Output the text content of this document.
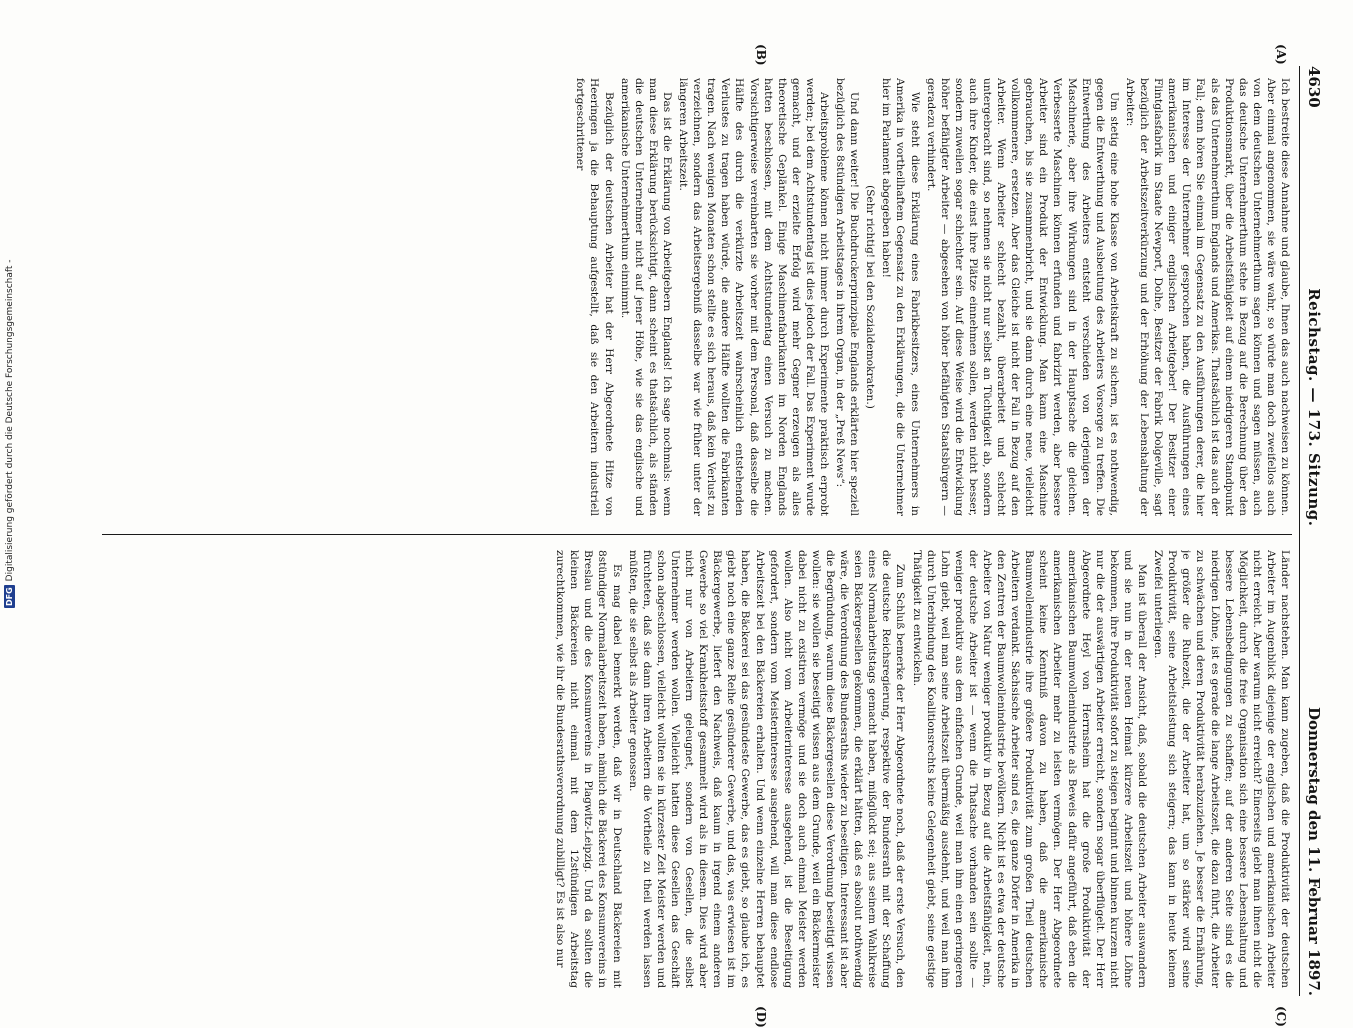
4630
Reichstag. — 173. Sitzung.
Donnerstag den 11. Februar 1897.
(A)
(B)
(C)
(D)

Ich bestreite diese Annahme und glaube, Ihnen das auch nachweisen zu können. Aber einmal angenommen, sie wäre wahr, so würde man doch zweifellos auch von dem deutschen Unternehmerthum sagen können und sagen müssen, auch das deutsche Unternehmerthum stehe in Bezug auf die Berechnung über den Produktionsmarkt, über die Arbeitsfähigkeit auf einem niedrigeren Standpunkt als das Unternehmerthum Englands und Amerikas. Thatsächlich ist das auch der Fall; denn hören Sie einmal im Gegensatz zu den Ausführungen derer, die hier im Interesse der Unternehmer gesprochen haben, die Ausführungen eines amerikanischen und einiger englischen Arbeitgeber! Der Besitzer einer Flintglasfabrik im Staate Newport, Dolhe, Besitzer der Fabrik Dolgeville, sagt bezüglich der Arbeitszeitverkürzung und der Erhöhung der Lebenshaltung der Arbeiter:

Um stetig eine hohe Klasse von Arbeitskraft zu sichern, ist es nothwendig, gegen die Entwerthung und Ausbeutung des Arbeiters Vorsorge zu treffen. Die Entwerthung des Arbeiters entsteht verschieden von derjenigen der Maschinerie, aber ihre Wirkungen sind in der Hauptsache die gleichen. Verbesserte Maschinen können erfunden und fabrizirt werden, aber bessere Arbeiter sind ein Produkt der Entwicklung. Man kann eine Maschine gebrauchen, bis sie zusammenbricht, und sie dann durch eine neue, vielleicht vollkommenere, ersetzen. Aber das Gleiche ist nicht der Fall in Bezug auf den Arbeiter. Wenn Arbeiter schlecht bezahlt, überarbeitet und schlecht untergebracht sind, so nehmen sie nicht nur selbst an Tüchtigkeit ab, sondern auch ihre Kinder, die einst ihre Plätze einnehmen sollen, werden nicht besser, sondern zuweilen sogar schlechter sein. Auf diese Weise wird die Entwicklung höher befähigter Arbeiter — abgesehen von höher befähigten Staatsbürgern — geradezu verhindert.

Wie steht diese Erklärung eines Fabrikbesitzers, eines Unternehmers in Amerika in vortheilhaftem Gegensatz zu den Erklärungen, die die Unternehmer hier im Parlament abgegeben haben!

(Sehr richtig! bei den Sozialdemokraten.)

Und dann weiter! Die Buchdruckerprinzipale Englands erklärten hier speziell bezüglich des 8stündigen Arbeitstages in ihrem Organ, in der „Preß News“:

Arbeitsprobleme können nicht immer durch Experimente praktisch erprobt werden; bei dem Achtstundentag ist dies jedoch der Fall. Das Experiment wurde gemacht, und der erzielte Erfolg wird mehr Gegner erzeugen als alles theoretische Geplänkel. Einige Maschinenfabrikanten im Norden Englands hatten beschlossen, mit dem Achtstundentag einen Versuch zu machen. Vorsichtigerweise vereinbarten sie vorher mit dem Personal, daß dasselbe die Hälfte des durch die verkürzte Arbeitszeit wahrscheinlich entstehenden Verlustes zu tragen haben würde, die andere Hälfte wollten die Fabrikanten tragen. Nach wenigen Monaten schon stellte es sich heraus, daß kein Verlust zu verzeichnen, sondern das Arbeitsergebniß dasselbe war wie früher unter der längeren Arbeitszeit.

Das ist die Erklärung von Arbeitgebern Englands! Ich sage nochmals: wenn man diese Erklärung berücksichtigt, dann scheint es thatsächlich, als ständen die deutschen Unternehmer nicht auf jener Höhe, wie sie das englische und amerikanische Unternehmerthum einnimmt.

Bezüglich der deutschen Arbeiter hat der Herr Abgeordnete Hitze von Heeringen ja die Behauptung aufgestellt, daß sie den Arbeitern industriell fortgeschrittener

Länder nachstehen. Man kann zugeben, daß die Produktivität der deutschen Arbeiter im Augenblick diejenige der englischen und amerikanischen Arbeiter nicht erreicht. Aber warum nicht erreicht? Einerseits giebt man ihnen nicht die Möglichkeit, durch die freie Organisation sich eine bessere Lebenshaltung und bessere Lebensbedingungen zu schaffen; auf der anderen Seite sind es die niedrigen Löhne, ist es gerade die lange Arbeitszeit, die dazu führt, die Arbeiter zu schwächen und deren Produktivität herabzuziehen. Je besser die Ernährung, je größer die Ruhezeit, die der Arbeiter hat, um so stärker wird seine Produktivität, seine Arbeitsleistung sich steigern; das kann in heute keinem Zweifel unterliegen.

Man ist überall der Ansicht, daß, sobald die deutschen Arbeiter auswandern und sie nun in der neuen Heimat kürzere Arbeitszeit und höhere Löhne bekommen, ihre Produktivität sofort zu steigen beginnt und binnen kurzem nicht nur die der auswärtigen Arbeiter erreicht, sondern sogar überflügelt. Der Herr Abgeordnete Heyl von Herrnsheim hat die große Produktivität der amerikanischen Baumwollenindustrie als Beweis dafür angeführt, daß eben die amerikanischen Arbeiter mehr zu leisten vermögen. Der Herr Abgeordnete scheint keine Kenntniß davon zu haben, daß die amerikanische Baumwollenindustrie ihre größere Produktivität zum großen Theil deutschen Arbeitern verdankt. Sächsische Arbeiter sind es, die ganze Dörfer in Amerika in den Zentren der Baumwollenindustrie bevölkern. Nicht ist es etwa der deutsche Arbeiter von Natur weniger produktiv in Bezug auf die Arbeitsfähigkeit, nein, der deutsche Arbeiter ist — wenn die Thatsache vorhanden sein sollte — weniger produktiv aus dem einfachen Grunde, weil man ihm einen geringeren Lohn giebt, weil man seine Arbeitszeit übermäßig ausdehnt, und weil man ihm durch Unterbindung des Koalitionsrechts keine Gelegenheit giebt, seine geistige Thätigkeit zu entwickeln.

Zum Schluß bemerke der Herr Abgeordnete noch, daß der erste Versuch, den die deutsche Reichsregierung, respektive der Bundesrath mit der Schaffung eines Normalarbeitstags gemacht haben, mißglückt sei; aus seinem Wahlkreise seien Bäckergesellen gekommen, die erklärt hätten, daß es absolut nothwendig wäre, die Verordnung des Bundesraths wieder zu beseitigen. Interessant ist aber die Begründung, warum diese Bäckergesellen diese Verordnung beseitigt wissen wollen: sie wollen sie beseitigt wissen aus dem Grunde, weil ein Bäckermeister dabei nicht zu existiren vermöge und sie doch auch einmal Meister werden wollen. Also nicht vom Arbeiterinteresse ausgehend, ist die Beseitigung gefordert, sondern vom Meisterinteresse ausgehend, will man diese endlose Arbeitszeit bei den Bäckereien erhalten. Und wenn einzelne Herren behauptet haben, die Bäckerei sei das gesündeste Gewerbe, das es giebt, so glaube ich, es giebt noch eine ganze Reihe gesünderer Gewerbe, und das, was erwiesen ist im Bäckergewerbe, liefert den Nachweis, daß kaum in irgend einem anderen Gewerbe so viel Krankheitsstoff gesammelt wird als in diesem. Dies wird aber nicht nur von Arbeitern geleugnet, sondern von Gesellen, die selbst Unternehmer werden wollen. Vielleicht hatten diese Gesellen das Geschäft schon abgeschlossen, vielleicht wollten sie in kürzester Zeit Meister werden und fürchteten, daß sie dann ihren Arbeitern die Vortheile zu theil werden lassen müßten, die sie selbst als Arbeiter genossen.

Es mag dabei bemerkt werden, daß wir in Deutschland Bäckereien mit 8stündiger Normalarbeitszeit haben, nämlich die Bäckerei des Konsumvereins in Breslau und die des Konsumvereins in Plagwitz-Leipzig. Und da sollten die kleinen Bäckereien nicht einmal mit dem 12stündigen Arbeitstag zurechtkommen, wie ihr die Bundesrathsverordnung zubilligt? Es ist also nur

DFG
Digitalisierung gefördert durch die Deutsche Forschungsgemeinschaft -
